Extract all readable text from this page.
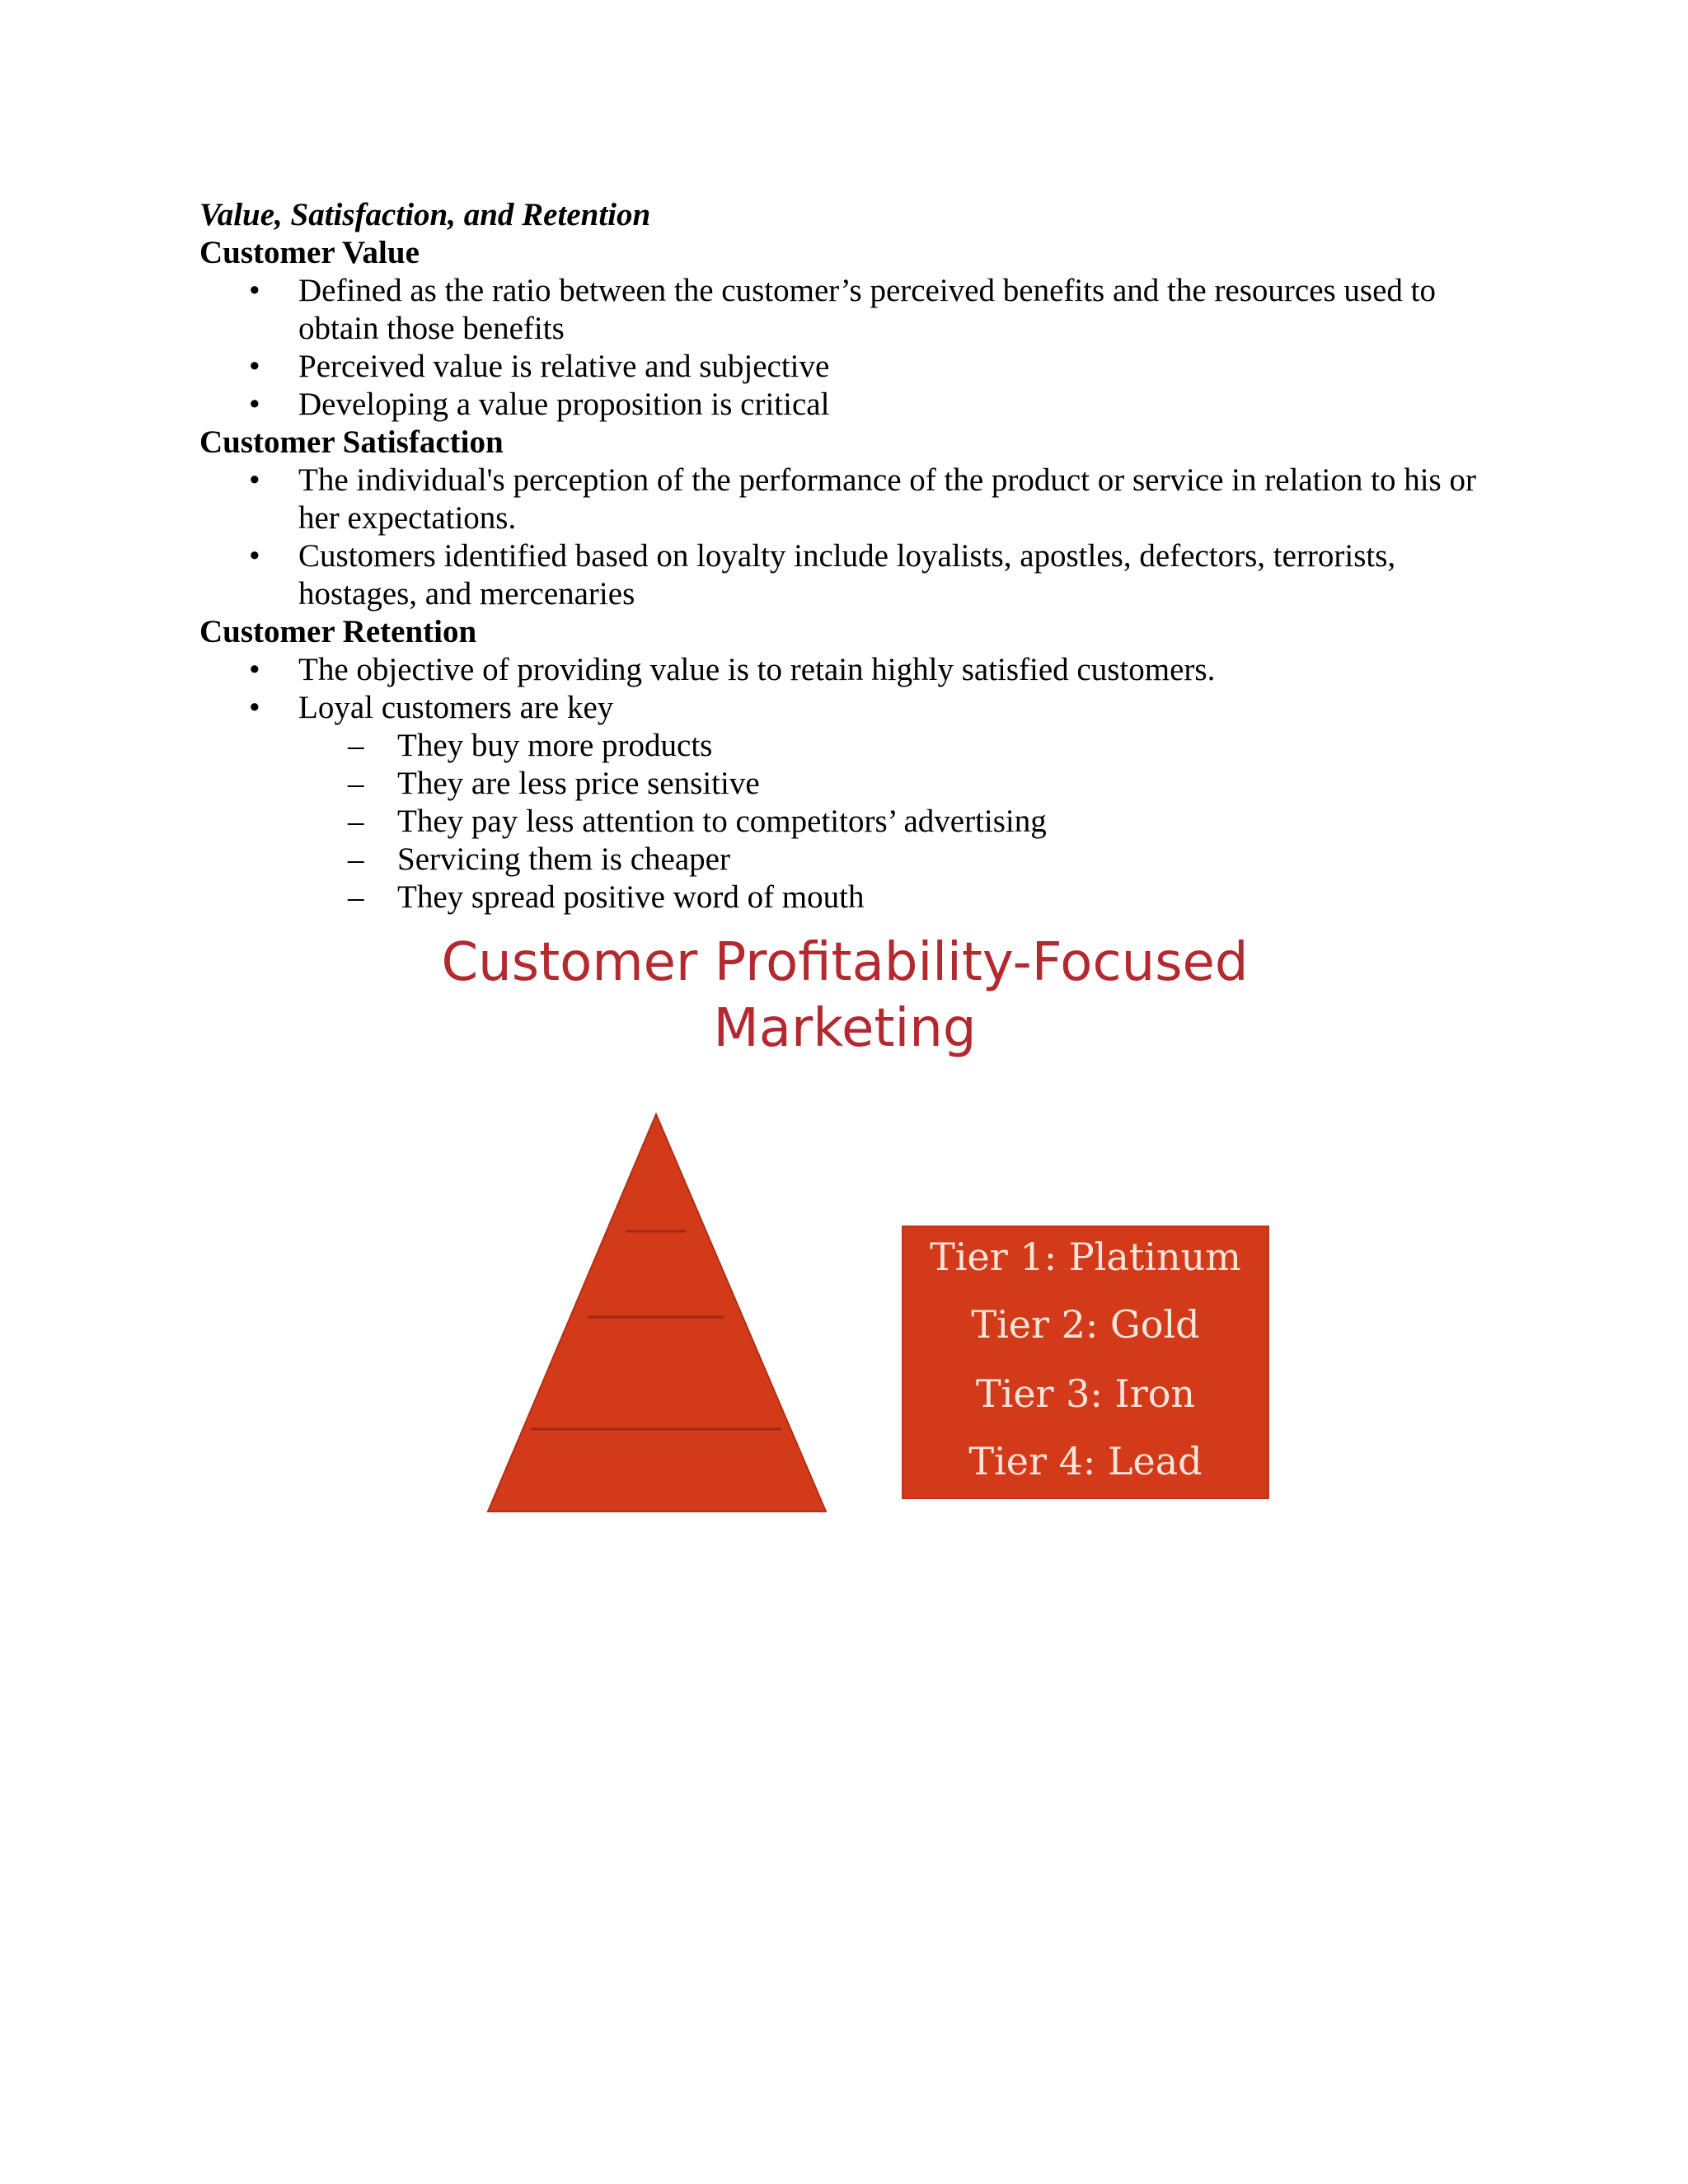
Value, Satisfaction, and Retention

Customer Value

• Defined as the ratio between the customer’s perceived benefits and the resources used to obtain those benefits
• Perceived value is relative and subjective
• Developing a value proposition is critical

Customer Satisfaction

• The individual's perception of the performance of the product or service in relation to his or her expectations.
• Customers identified based on loyalty include loyalists, apostles, defectors, terrorists, hostages, and mercenaries

Customer Retention

• The objective of providing value is to retain highly satisfied customers.
• Loyal customers are key
– They buy more products
– They are less price sensitive
– They pay less attention to competitors’ advertising
– Servicing them is cheaper
– They spread positive word of mouth
Customer Profitability-Focused
Marketing
Tier 1: Platinum
Tier 2: Gold
Tier 3: Iron
Tier 4: Lead
